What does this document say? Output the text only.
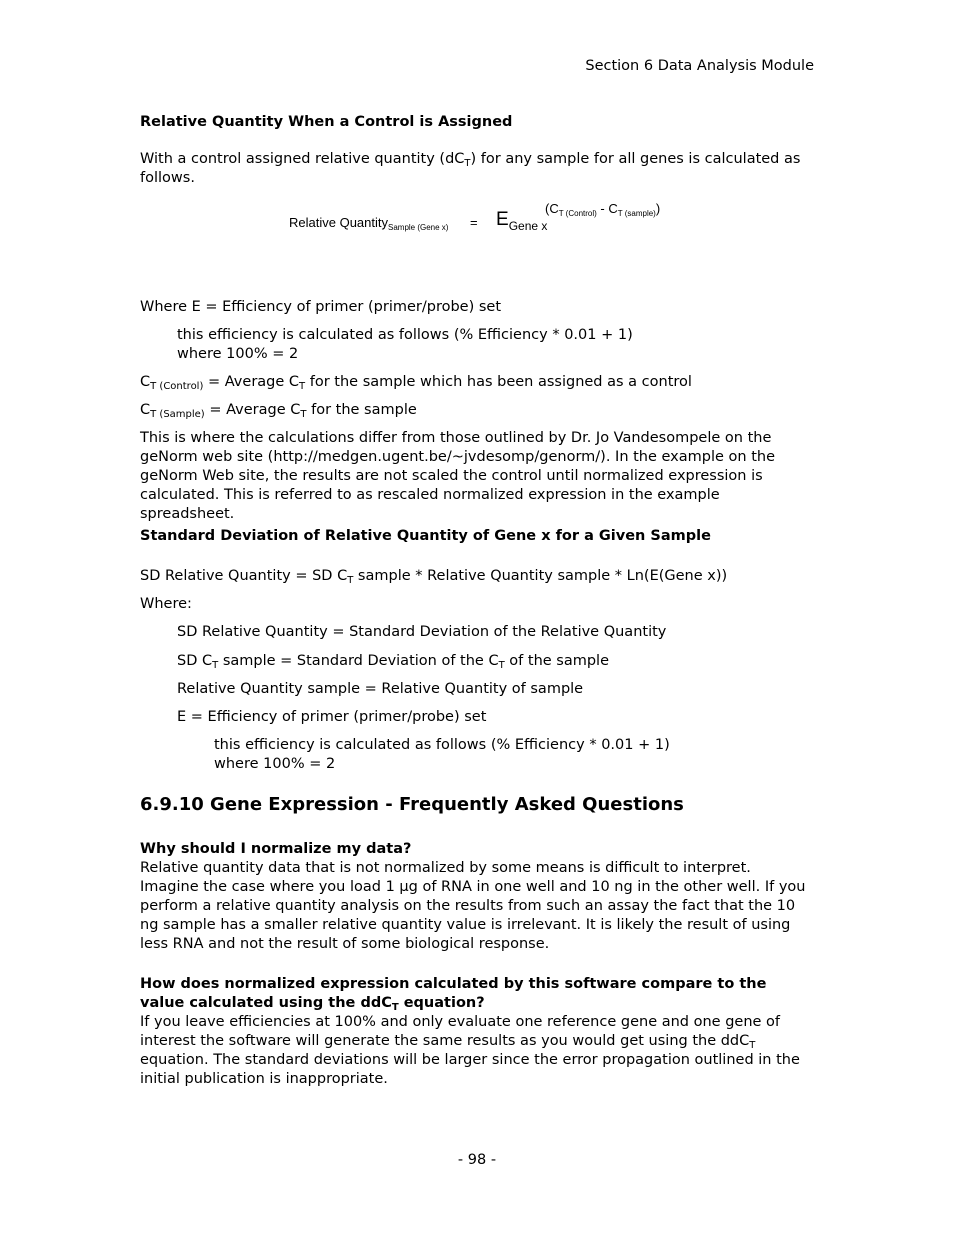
Section 6 Data Analysis Module
Relative Quantity When a Control is Assigned
With a control assigned relative quantity $(dC_T)$ for any sample for all genes is calculated as follows.
$(C_{T (Control)} - C_{T (sample)})$
Relative Quantity$_{Sample (Gene x)}$ = $E_{Gene x}$
Where E = Efficiency of primer (primer/probe) set
this efficiency is calculated as follows (% Efficiency * 0.01 + 1)
where 100% = 2
$C_{T (Control)}$ = Average $C_T$ for the sample which has been assigned as a control
$C_{T (Sample)}$ = Average $C_T$ for the sample
This is where the calculations differ from those outlined by Dr. Jo Vandesompele on the geNorm web site (http://medgen.ugent.be/~jvdesomp/genorm/). In the example on the geNorm Web site, the results are not scaled the control until normalized expression is calculated. This is referred to as rescaled normalized expression in the example spreadsheet.
Standard Deviation of Relative Quantity of Gene x for a Given Sample
SD Relative Quantity = SD $C_T$ sample * Relative Quantity sample * Ln(E(Gene x))
Where:
SD Relative Quantity = Standard Deviation of the Relative Quantity
SD $C_T$ sample = Standard Deviation of the $C_T$ of the sample
Relative Quantity sample = Relative Quantity of sample
E = Efficiency of primer (primer/probe) set
this efficiency is calculated as follows (% Efficiency * 0.01 + 1)
where 100% = 2
6.9.10 Gene Expression - Frequently Asked Questions
Why should I normalize my data?
Relative quantity data that is not normalized by some means is difficult to interpret. Imagine the case where you load 1 µg of RNA in one well and 10 ng in the other well. If you perform a relative quantity analysis on the results from such an assay the fact that the 10 ng sample has a smaller relative quantity value is irrelevant. It is likely the result of using less RNA and not the result of some biological response.
How does normalized expression calculated by this software compare to the value calculated using the ddC$_T$ equation?
If you leave efficiencies at 100% and only evaluate one reference gene and one gene of interest the software will generate the same results as you would get using the ddC$_T$ equation. The standard deviations will be larger since the error propagation outlined in the initial publication is inappropriate.
- 98 -
